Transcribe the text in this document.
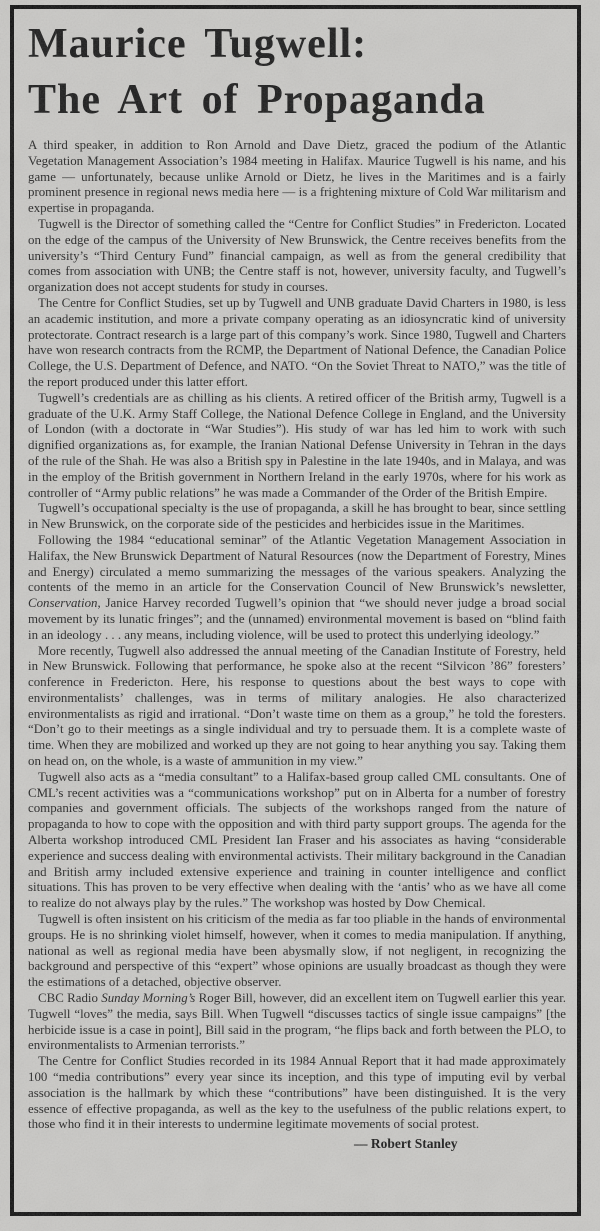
Maurice Tugwell:
The Art of Propaganda

A third speaker, in addition to Ron Arnold and Dave Dietz, graced the podium of the Atlantic Vegetation Management Association’s 1984 meeting in Halifax. Maurice Tugwell is his name, and his game — unfortunately, because unlike Arnold or Dietz, he lives in the Maritimes and is a fairly prominent presence in regional news media here — is a frightening mixture of Cold War militarism and expertise in propaganda.

Tugwell is the Director of something called the “Centre for Conflict Studies” in Fredericton. Located on the edge of the campus of the University of New Brunswick, the Centre receives benefits from the university’s “Third Century Fund” financial campaign, as well as from the general credibility that comes from association with UNB; the Centre staff is not, however, university faculty, and Tugwell’s organization does not accept students for study in courses.

The Centre for Conflict Studies, set up by Tugwell and UNB graduate David Charters in 1980, is less an academic institution, and more a private company operating as an idiosyncratic kind of university protectorate. Contract research is a large part of this company’s work. Since 1980, Tugwell and Charters have won research contracts from the RCMP, the Department of National Defence, the Canadian Police College, the U.S. Department of Defence, and NATO. “On the Soviet Threat to NATO,” was the title of the report produced under this latter effort.

Tugwell’s credentials are as chilling as his clients. A retired officer of the British army, Tugwell is a graduate of the U.K. Army Staff College, the National Defence College in England, and the University of London (with a doctorate in “War Studies”). His study of war has led him to work with such dignified organizations as, for example, the Iranian National Defense University in Tehran in the days of the rule of the Shah. He was also a British spy in Palestine in the late 1940s, and in Malaya, and was in the employ of the British government in Northern Ireland in the early 1970s, where for his work as controller of “Army public relations” he was made a Commander of the Order of the British Empire.

Tugwell’s occupational specialty is the use of propaganda, a skill he has brought to bear, since settling in New Brunswick, on the corporate side of the pesticides and herbicides issue in the Maritimes.

Following the 1984 “educational seminar” of the Atlantic Vegetation Management Association in Halifax, the New Brunswick Department of Natural Resources (now the Department of Forestry, Mines and Energy) circulated a memo summarizing the messages of the various speakers. Analyzing the contents of the memo in an article for the Conservation Council of New Brunswick’s newsletter, Conservation, Janice Harvey recorded Tugwell’s opinion that “we should never judge a broad social movement by its lunatic fringes”; and the (unnamed) environmental movement is based on “blind faith in an ideology . . . any means, including violence, will be used to protect this underlying ideology.”

More recently, Tugwell also addressed the annual meeting of the Canadian Institute of Forestry, held in New Brunswick. Following that performance, he spoke also at the recent “Silvicon ’86” foresters’ conference in Fredericton. Here, his response to questions about the best ways to cope with environmentalists’ challenges, was in terms of military analogies. He also characterized environmentalists as rigid and irrational. “Don’t waste time on them as a group,” he told the foresters. “Don’t go to their meetings as a single individual and try to persuade them. It is a complete waste of time. When they are mobilized and worked up they are not going to hear anything you say. Taking them on head on, on the whole, is a waste of ammunition in my view.”

Tugwell also acts as a “media consultant” to a Halifax-based group called CML consultants. One of CML’s recent activities was a “communications workshop” put on in Alberta for a number of forestry companies and government officials. The subjects of the workshops ranged from the nature of propaganda to how to cope with the opposition and with third party support groups. The agenda for the Alberta workshop introduced CML President Ian Fraser and his associates as having “considerable experience and success dealing with environmental activists. Their military background in the Canadian and British army included extensive experience and training in counter intelligence and conflict situations. This has proven to be very effective when dealing with the ‘antis’ who as we have all come to realize do not always play by the rules.” The workshop was hosted by Dow Chemical.

Tugwell is often insistent on his criticism of the media as far too pliable in the hands of environmental groups. He is no shrinking violet himself, however, when it comes to media manipulation. If anything, national as well as regional media have been abysmally slow, if not negligent, in recognizing the background and perspective of this “expert” whose opinions are usually broadcast as though they were the estimations of a detached, objective observer.

CBC Radio Sunday Morning’s Roger Bill, however, did an excellent item on Tugwell earlier this year. Tugwell “loves” the media, says Bill. When Tugwell “discusses tactics of single issue campaigns” [the herbicide issue is a case in point], Bill said in the program, “he flips back and forth between the PLO, to environmentalists to Armenian terrorists.”

The Centre for Conflict Studies recorded in its 1984 Annual Report that it had made approximately 100 “media contributions” every year since its inception, and this type of imputing evil by verbal association is the hallmark by which these “contributions” have been distinguished. It is the very essence of effective propaganda, as well as the key to the usefulness of the public relations expert, to those who find it in their interests to undermine legitimate movements of social protest.

— Robert Stanley
